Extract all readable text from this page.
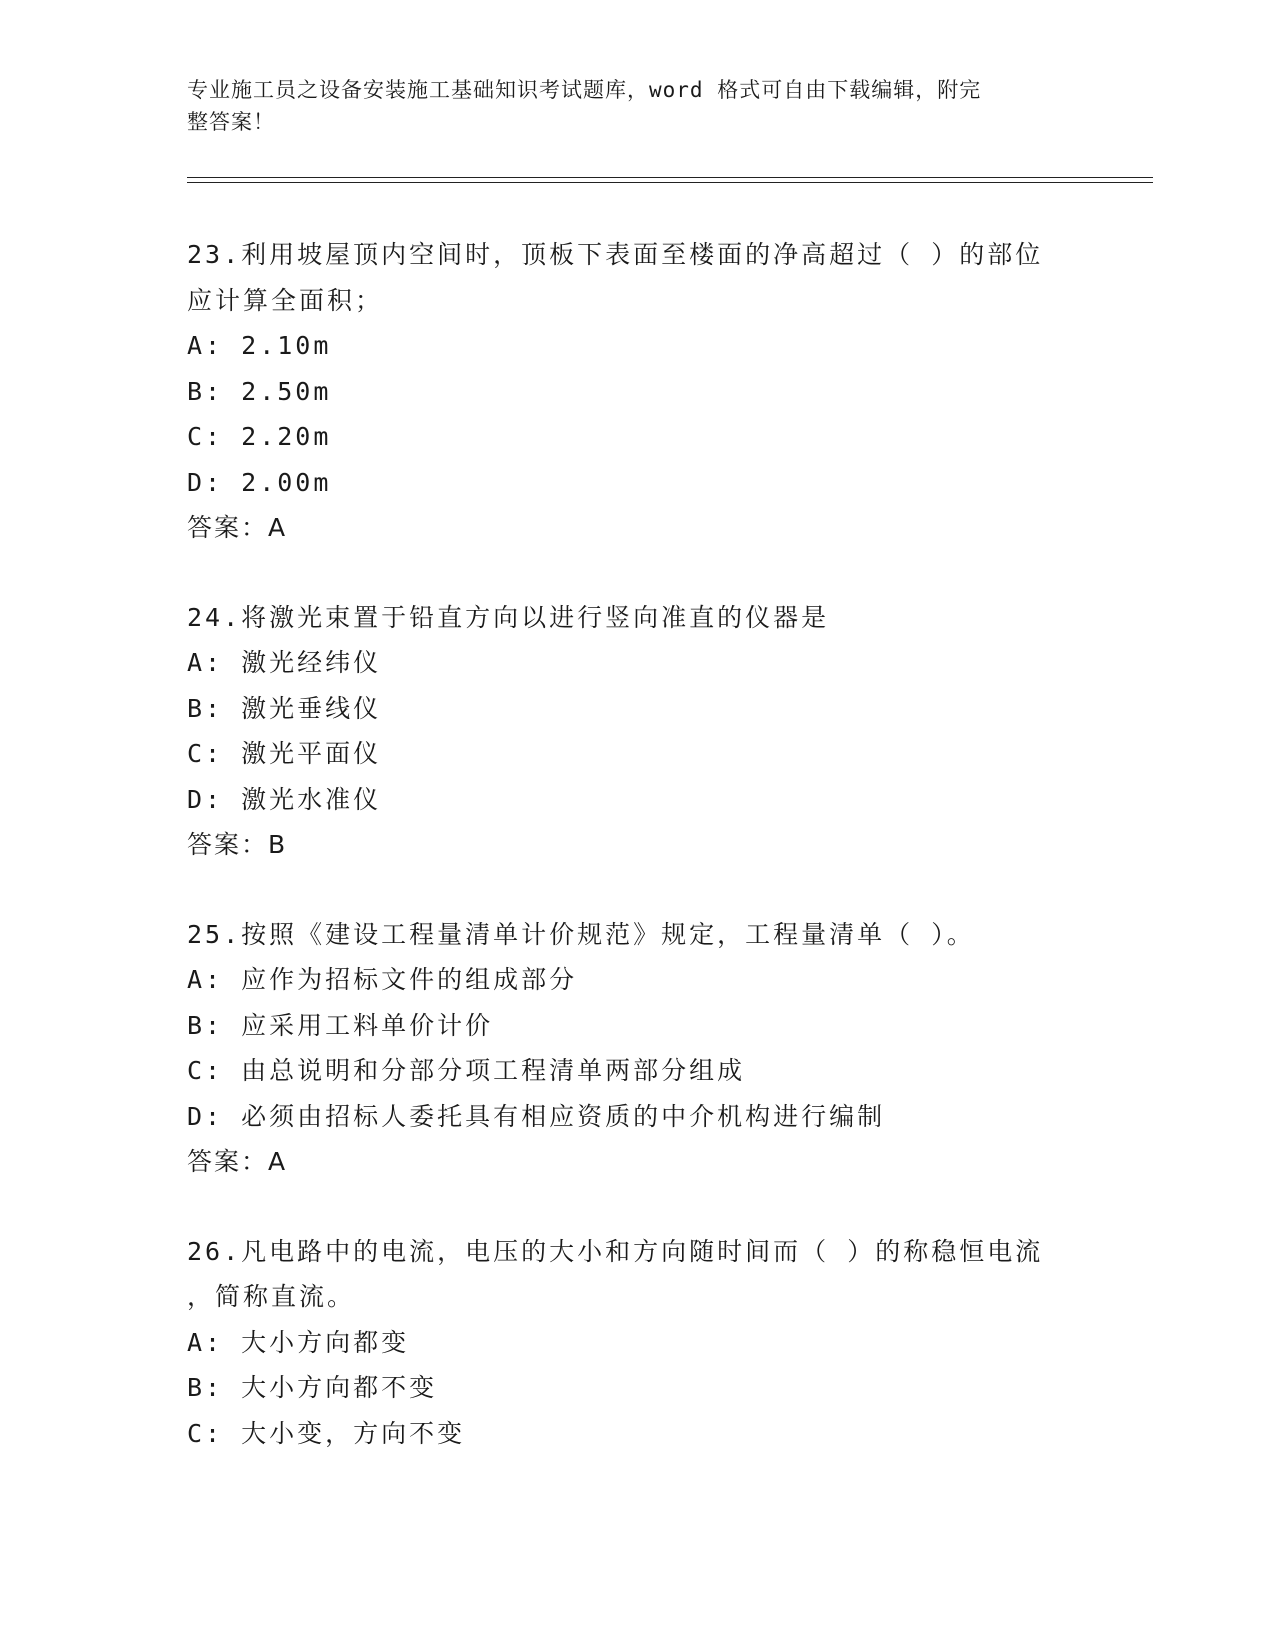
专业施工员之设备安装施工基础知识考试题库，word 格式可自由下载编辑，附完
整答案！

23.利用坡屋顶内空间时，顶板下表面至楼面的净高超过（ ）的部位

应计算全面积；

A: 2.10m

B: 2.50m

C: 2.20m

D: 2.00m

答案：A

24.将激光束置于铅直方向以进行竖向准直的仪器是

A: 激光经纬仪

B: 激光垂线仪

C: 激光平面仪

D: 激光水准仪

答案：B

25.按照《建设工程量清单计价规范》规定，工程量清单（ ）。

A: 应作为招标文件的组成部分

B: 应采用工料单价计价

C: 由总说明和分部分项工程清单两部分组成

D: 必须由招标人委托具有相应资质的中介机构进行编制

答案：A

26.凡电路中的电流，电压的大小和方向随时间而（ ）的称稳恒电流

，简称直流。

A: 大小方向都变

B: 大小方向都不变

C: 大小变，方向不变
